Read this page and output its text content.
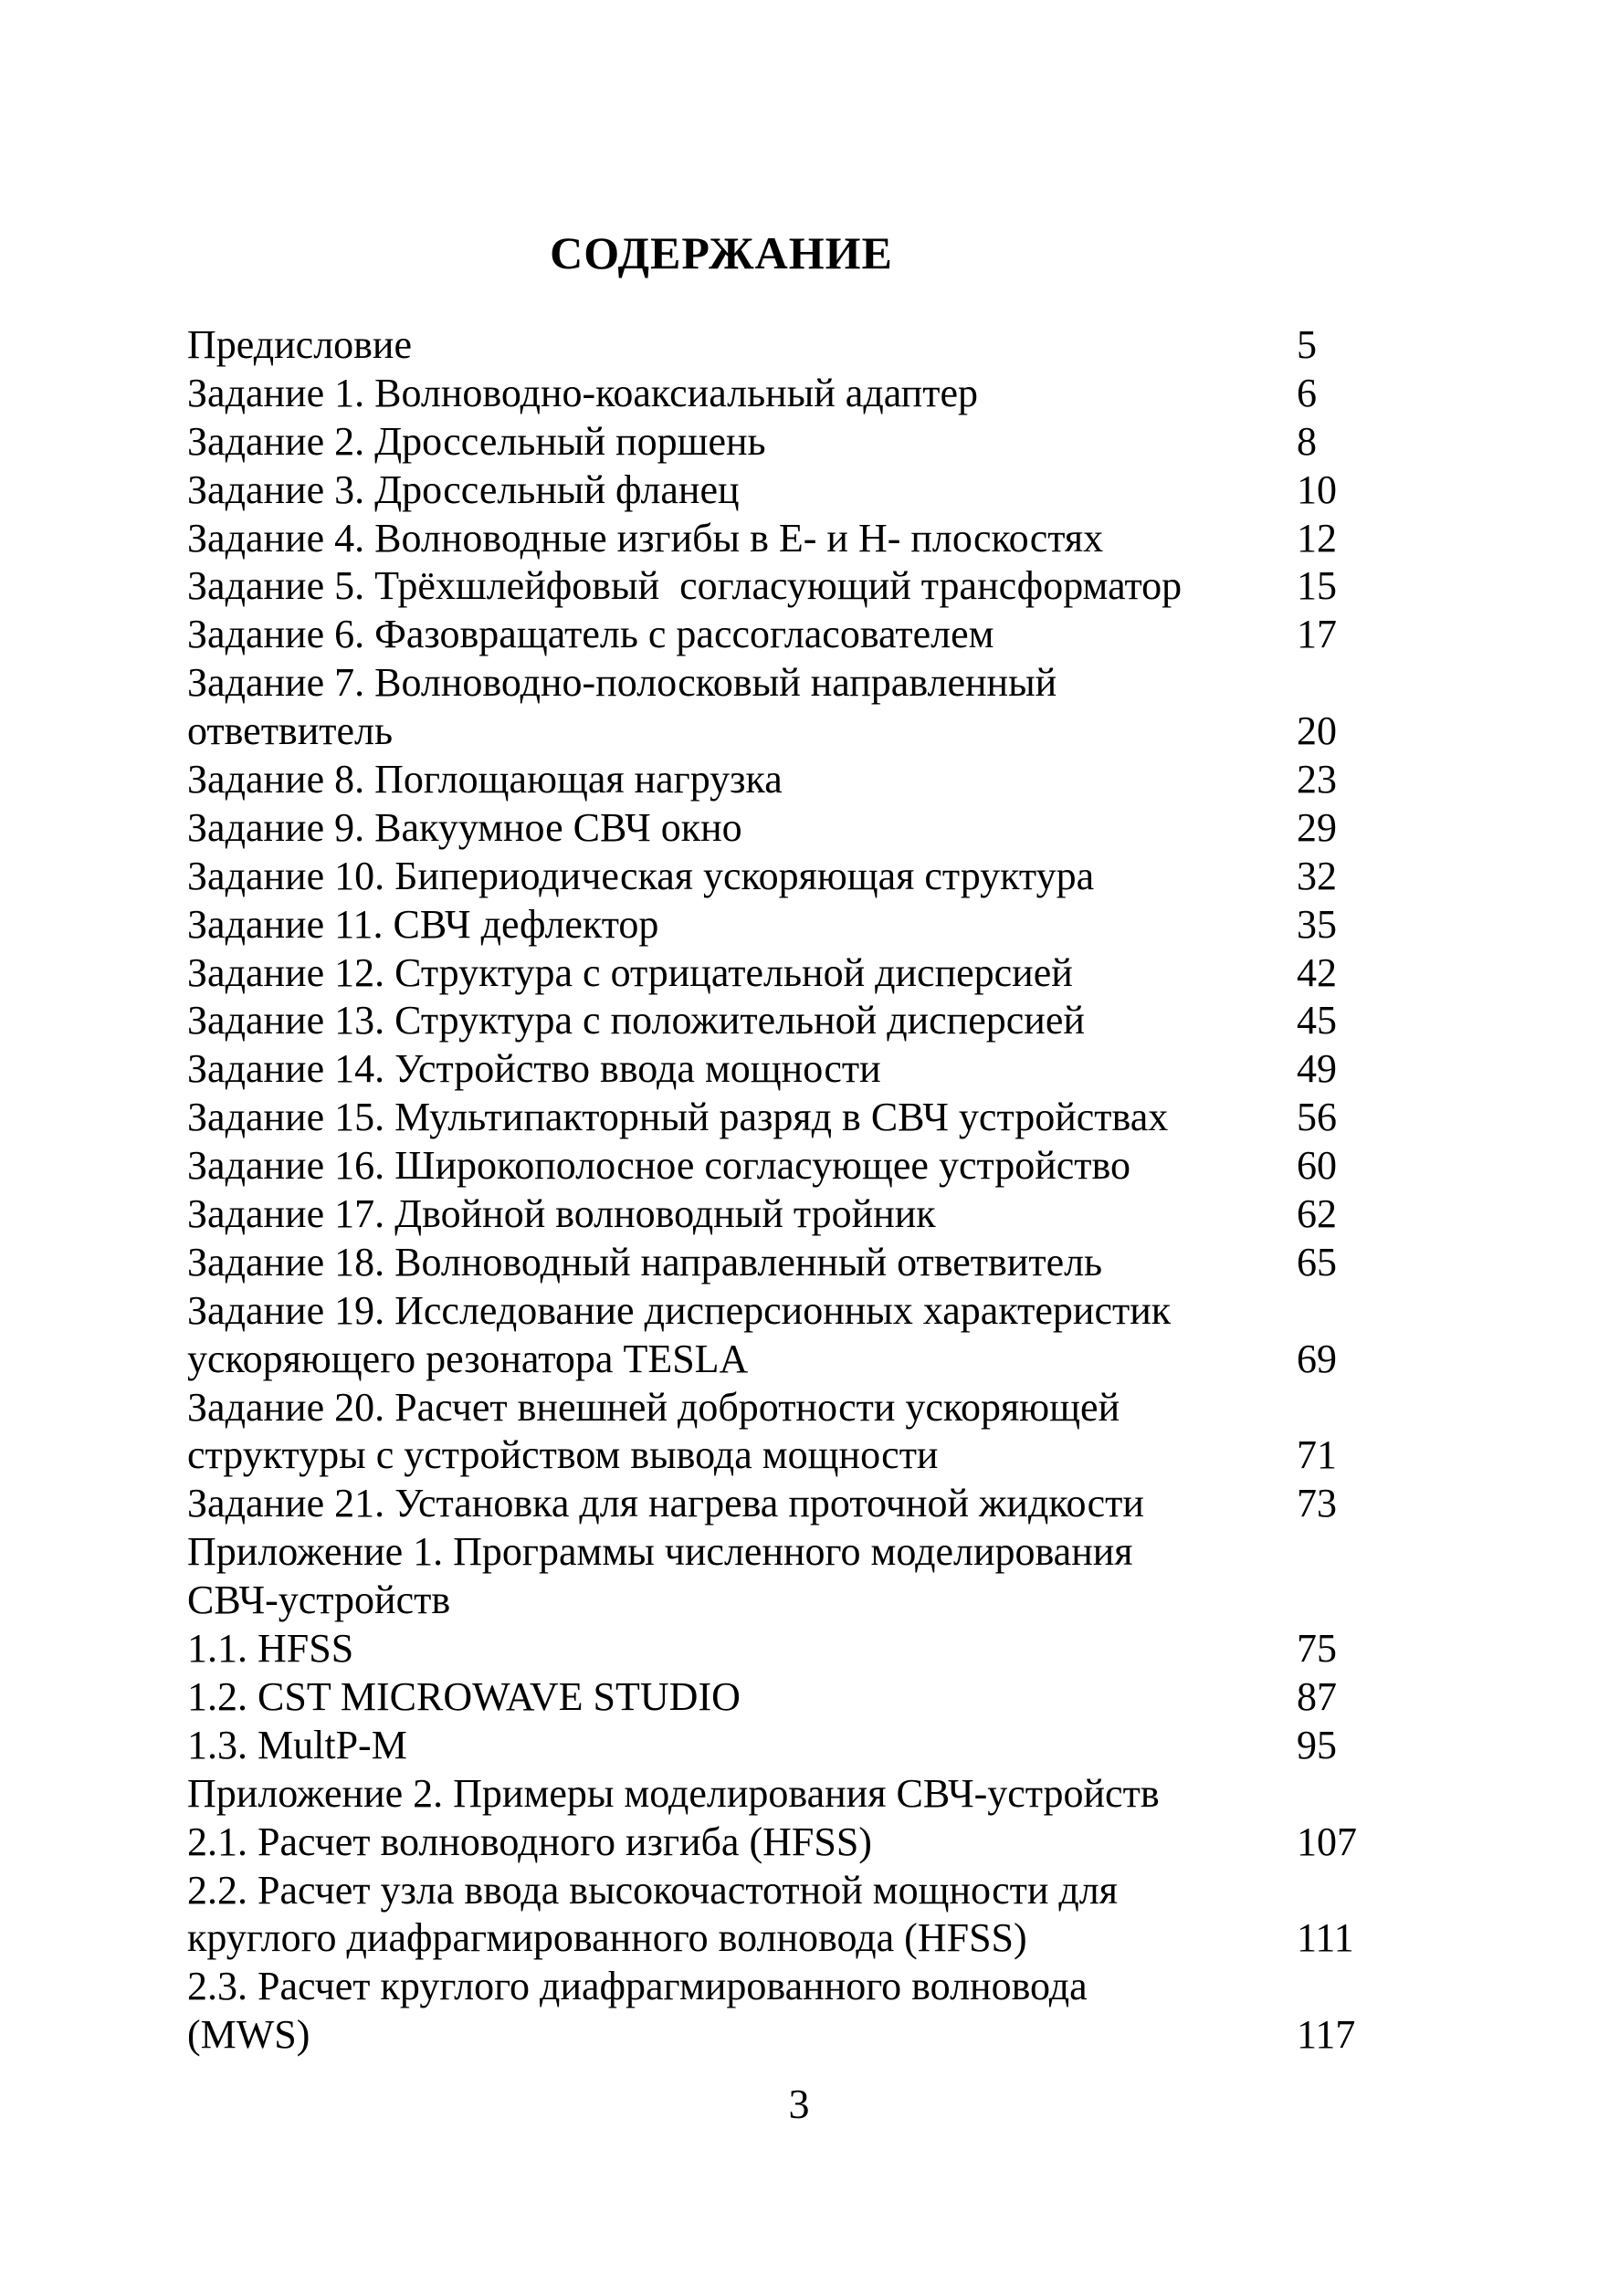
СОДЕРЖАНИЕ
Предисловие	5
Задание 1. Волноводно-коаксиальный адаптер	6
Задание 2. Дроссельный поршень	8
Задание 3. Дроссельный фланец	10
Задание 4. Волноводные изгибы в Е- и Н- плоскостях	12
Задание 5. Трёхшлейфовый  согласующий трансформатор	15
Задание 6. Фазовращатель с рассогласователем	17
Задание 7. Волноводно-полосковый направленный
ответвитель	20
Задание 8. Поглощающая нагрузка	23
Задание 9. Вакуумное СВЧ окно	29
Задание 10. Бипериодическая ускоряющая структура	32
Задание 11. СВЧ дефлектор	35
Задание 12. Структура с отрицательной дисперсией	42
Задание 13. Структура с положительной дисперсией	45
Задание 14. Устройство ввода мощности	49
Задание 15. Мультипакторный разряд в СВЧ устройствах	56
Задание 16. Широкополосное согласующее устройство	60
Задание 17. Двойной волноводный тройник	62
Задание 18. Волноводный направленный ответвитель	65
Задание 19. Исследование дисперсионных характеристик
ускоряющего резонатора TESLA	69
Задание 20. Расчет внешней добротности ускоряющей
структуры с устройством вывода мощности	71
Задание 21. Установка для нагрева проточной жидкости	73
Приложение 1. Программы численного моделирования
СВЧ-устройств
1.1. HFSS	75
1.2. CST MICROWAVE STUDIO	87
1.3. MultP-M	95
Приложение 2. Примеры моделирования СВЧ-устройств
2.1. Расчет волноводного изгиба (HFSS)	107
2.2. Расчет узла ввода высокочастотной мощности для
круглого диафрагмированного волновода (HFSS)	111
2.3. Расчет круглого диафрагмированного волновода
(MWS)	117
3
